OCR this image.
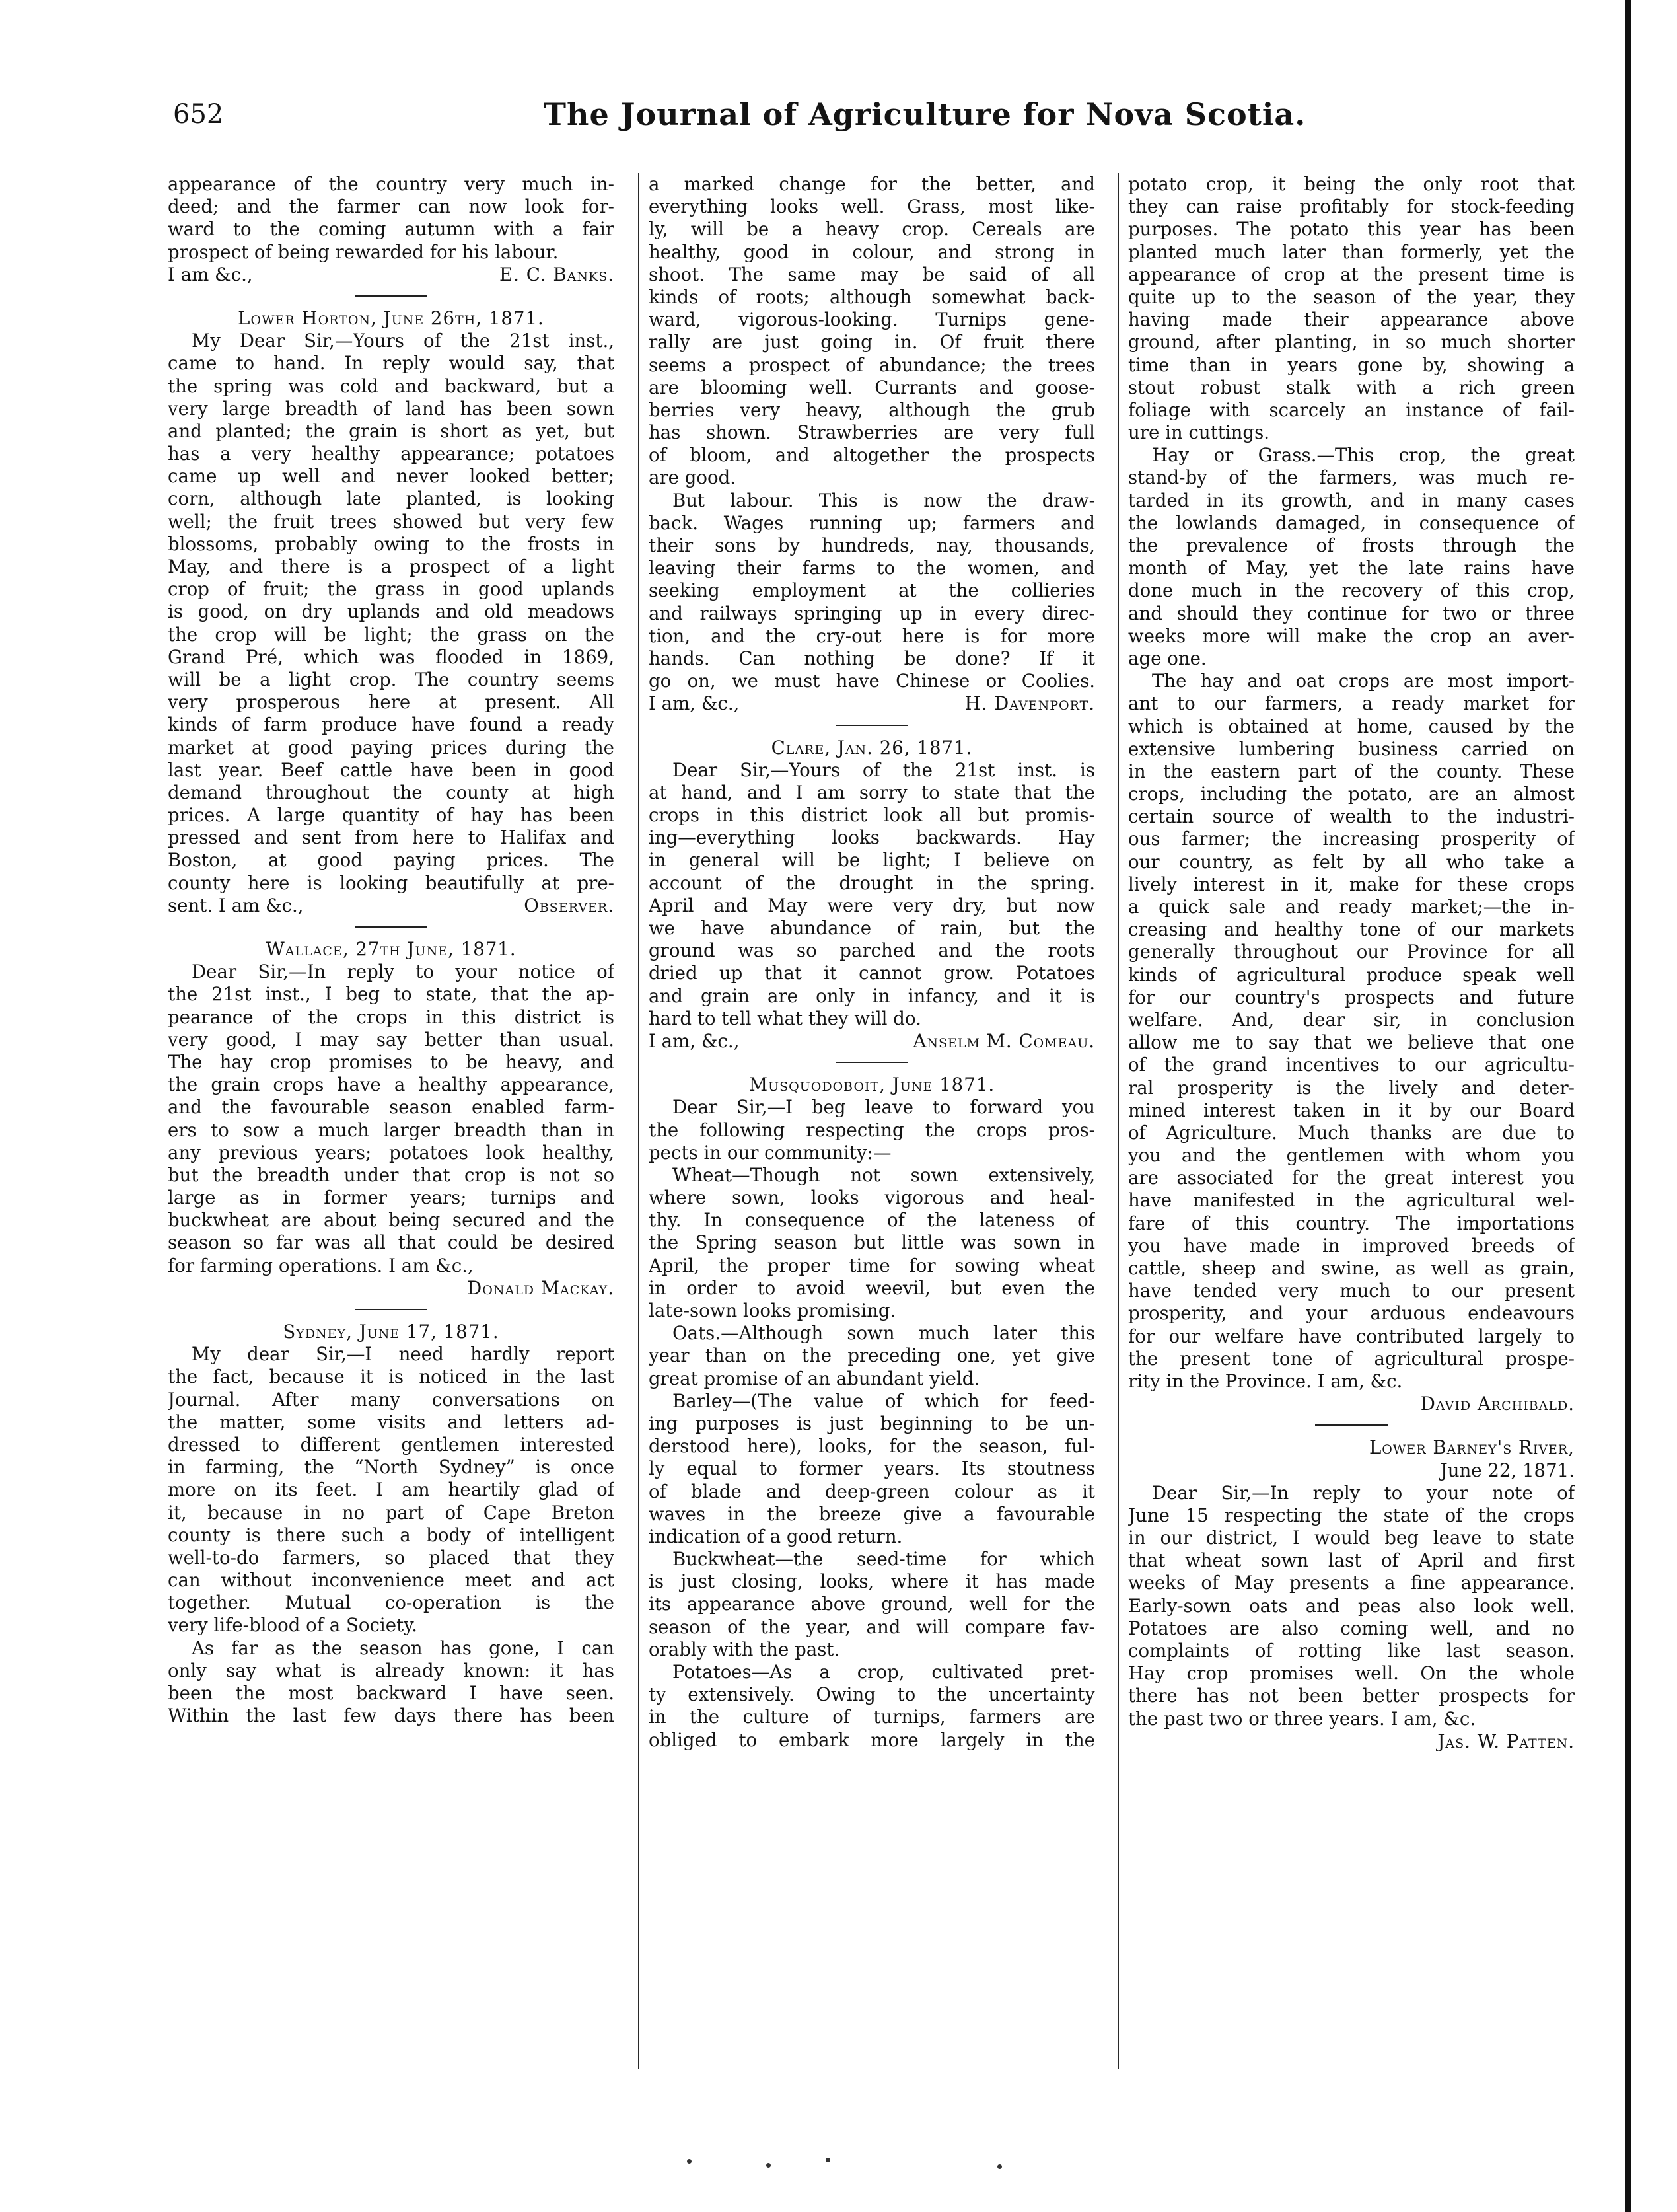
652	The Journal of Agriculture for Nova Scotia.
appearance of the country very much in-
deed; and the farmer can now look for-
ward to the coming autumn with a fair
prospect of being rewarded for his labour.
I am &c.,	E. C. Banks.
Lower Horton, June 26th, 1871.
My Dear Sir,—Yours of the 21st inst.,
came to hand. In reply would say, that
the spring was cold and backward, but a
very large breadth of land has been sown
and planted; the grain is short as yet, but
has a very healthy appearance; potatoes
came up well and never looked better;
corn, although late planted, is looking
well; the fruit trees showed but very few
blossoms, probably owing to the frosts in
May, and there is a prospect of a light
crop of fruit; the grass in good uplands
is good, on dry uplands and old meadows
the crop will be light; the grass on the
Grand Pré, which was flooded in 1869,
will be a light crop. The country seems
very prosperous here at present. All
kinds of farm produce have found a ready
market at good paying prices during the
last year. Beef cattle have been in good
demand throughout the county at high
prices. A large quantity of hay has been
pressed and sent from here to Halifax and
Boston, at good paying prices. The
county here is looking beautifully at pre-
sent. I am &c.,	Observer.
Wallace, 27th June, 1871.
Dear Sir,—In reply to your notice of
the 21st inst., I beg to state, that the ap-
pearance of the crops in this district is
very good, I may say better than usual.
The hay crop promises to be heavy, and
the grain crops have a healthy appearance,
and the favourable season enabled farm-
ers to sow a much larger breadth than in
any previous years; potatoes look healthy,
but the breadth under that crop is not so
large as in former years; turnips and
buckwheat are about being secured and the
season so far was all that could be desired
for farming operations. I am &c.,
Donald Mackay.
Sydney, June 17, 1871.
My dear Sir,—I need hardly report
the fact, because it is noticed in the last
Journal. After many conversations on
the matter, some visits and letters ad-
dressed to different gentlemen interested
in farming, the “North Sydney” is once
more on its feet. I am heartily glad of
it, because in no part of Cape Breton
county is there such a body of intelligent
well-to-do farmers, so placed that they
can without inconvenience meet and act
together. Mutual co-operation is the
very life-blood of a Society.
As far as the season has gone, I can
only say what is already known: it has
been the most backward I have seen.
Within the last few days there has been
a marked change for the better, and
everything looks well. Grass, most like-
ly, will be a heavy crop. Cereals are
healthy, good in colour, and strong in
shoot. The same may be said of all
kinds of roots; although somewhat back-
ward, vigorous-looking. Turnips gene-
rally are just going in. Of fruit there
seems a prospect of abundance; the trees
are blooming well. Currants and goose-
berries very heavy, although the grub
has shown. Strawberries are very full
of bloom, and altogether the prospects
are good.
But labour. This is now the draw-
back. Wages running up; farmers and
their sons by hundreds, nay, thousands,
leaving their farms to the women, and
seeking employment at the collieries
and railways springing up in every direc-
tion, and the cry-out here is for more
hands. Can nothing be done? If it
go on, we must have Chinese or Coolies.
I am, &c.,	H. Davenport.
Clare, Jan. 26, 1871.
Dear Sir,—Yours of the 21st inst. is
at hand, and I am sorry to state that the
crops in this district look all but promis-
ing—everything looks backwards. Hay
in general will be light; I believe on
account of the drought in the spring.
April and May were very dry, but now
we have abundance of rain, but the
ground was so parched and the roots
dried up that it cannot grow. Potatoes
and grain are only in infancy, and it is
hard to tell what they will do.
I am, &c.,	Anselm M. Comeau.
Musquodoboit, June 1871.
Dear Sir,—I beg leave to forward you
the following respecting the crops pros-
pects in our community:—
Wheat—Though not sown extensively,
where sown, looks vigorous and heal-
thy. In consequence of the lateness of
the Spring season but little was sown in
April, the proper time for sowing wheat
in order to avoid weevil, but even the
late-sown looks promising.
Oats.—Although sown much later this
year than on the preceding one, yet give
great promise of an abundant yield.
Barley—(The value of which for feed-
ing purposes is just beginning to be un-
derstood here), looks, for the season, ful-
ly equal to former years. Its stoutness
of blade and deep-green colour as it
waves in the breeze give a favourable
indication of a good return.
Buckwheat—the seed-time for which
is just closing, looks, where it has made
its appearance above ground, well for the
season of the year, and will compare fav-
orably with the past.
Potatoes—As a crop, cultivated pret-
ty extensively. Owing to the uncertainty
in the culture of turnips, farmers are
obliged to embark more largely in the
potato crop, it being the only root that
they can raise profitably for stock-feeding
purposes. The potato this year has been
planted much later than formerly, yet the
appearance of crop at the present time is
quite up to the season of the year, they
having made their appearance above
ground, after planting, in so much shorter
time than in years gone by, showing a
stout robust stalk with a rich green
foliage with scarcely an instance of fail-
ure in cuttings.
Hay or Grass.—This crop, the great
stand-by of the farmers, was much re-
tarded in its growth, and in many cases
the lowlands damaged, in consequence of
the prevalence of frosts through the
month of May, yet the late rains have
done much in the recovery of this crop,
and should they continue for two or three
weeks more will make the crop an aver-
age one.
The hay and oat crops are most import-
ant to our farmers, a ready market for
which is obtained at home, caused by the
extensive lumbering business carried on
in the eastern part of the county. These
crops, including the potato, are an almost
certain source of wealth to the industri-
ous farmer; the increasing prosperity of
our country, as felt by all who take a
lively interest in it, make for these crops
a quick sale and ready market;—the in-
creasing and healthy tone of our markets
generally throughout our Province for all
kinds of agricultural produce speak well
for our country's prospects and future
welfare. And, dear sir, in conclusion
allow me to say that we believe that one
of the grand incentives to our agricultu-
ral prosperity is the lively and deter-
mined interest taken in it by our Board
of Agriculture. Much thanks are due to
you and the gentlemen with whom you
are associated for the great interest you
have manifested in the agricultural wel-
fare of this country. The importations
you have made in improved breeds of
cattle, sheep and swine, as well as grain,
have tended very much to our present
prosperity, and your arduous endeavours
for our welfare have contributed largely to
the present tone of agricultural prospe-
rity in the Province. I am, &c.
David Archibald.
Lower Barney's River,
June 22, 1871.
Dear Sir,—In reply to your note of
June 15 respecting the state of the crops
in our district, I would beg leave to state
that wheat sown last of April and first
weeks of May presents a fine appearance.
Early-sown oats and peas also look well.
Potatoes are also coming well, and no
complaints of rotting like last season.
Hay crop promises well. On the whole
there has not been better prospects for
the past two or three years. I am, &c.
Jas. W. Patten.
